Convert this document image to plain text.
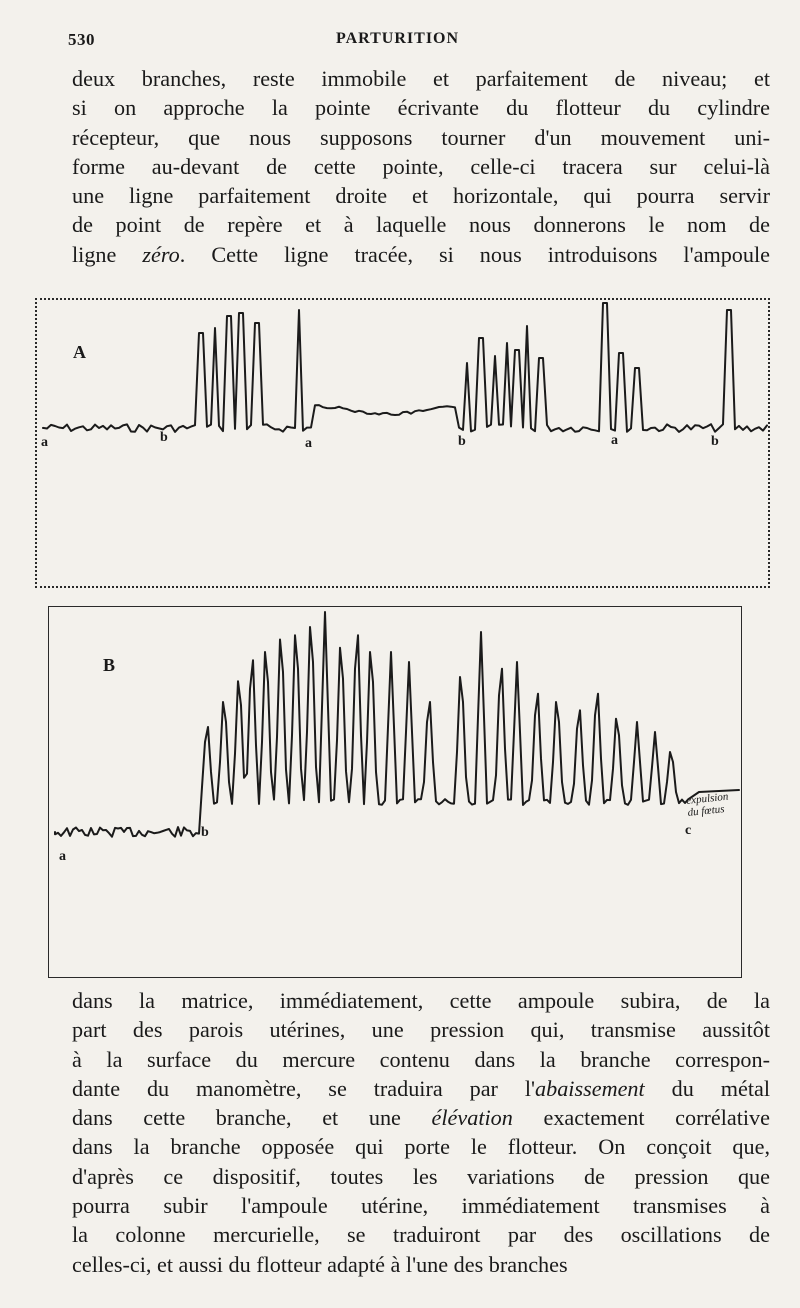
530	PARTURITION
deux branches, reste immobile et parfaitement de niveau; et
si on approche la pointe écrivante du flotteur du cylindre
récepteur, que nous supposons tourner d'un mouvement uni-
forme au-devant de cette pointe, celle-ci tracera sur celui-là
une ligne parfaitement droite et horizontale, qui pourra servir
de point de repère et à laquelle nous donnerons le nom de
ligne zéro. Cette ligne tracée, si nous introduisons l'ampoule
A
a	b	a	b	a	b
B
a
b	c
expulsion du fœtus
dans la matrice, immédiatement, cette ampoule subira, de la
part des parois utérines, une pression qui, transmise aussitôt
à la surface du mercure contenu dans la branche correspon-
dante du manomètre, se traduira par l'abaissement du métal
dans cette branche, et une élévation exactement corrélative
dans la branche opposée qui porte le flotteur. On conçoit que,
d'après ce dispositif, toutes les variations de pression que
pourra subir l'ampoule utérine, immédiatement transmises à
la colonne mercurielle, se traduiront par des oscillations de
celles-ci, et aussi du flotteur adapté à l'une des branches
